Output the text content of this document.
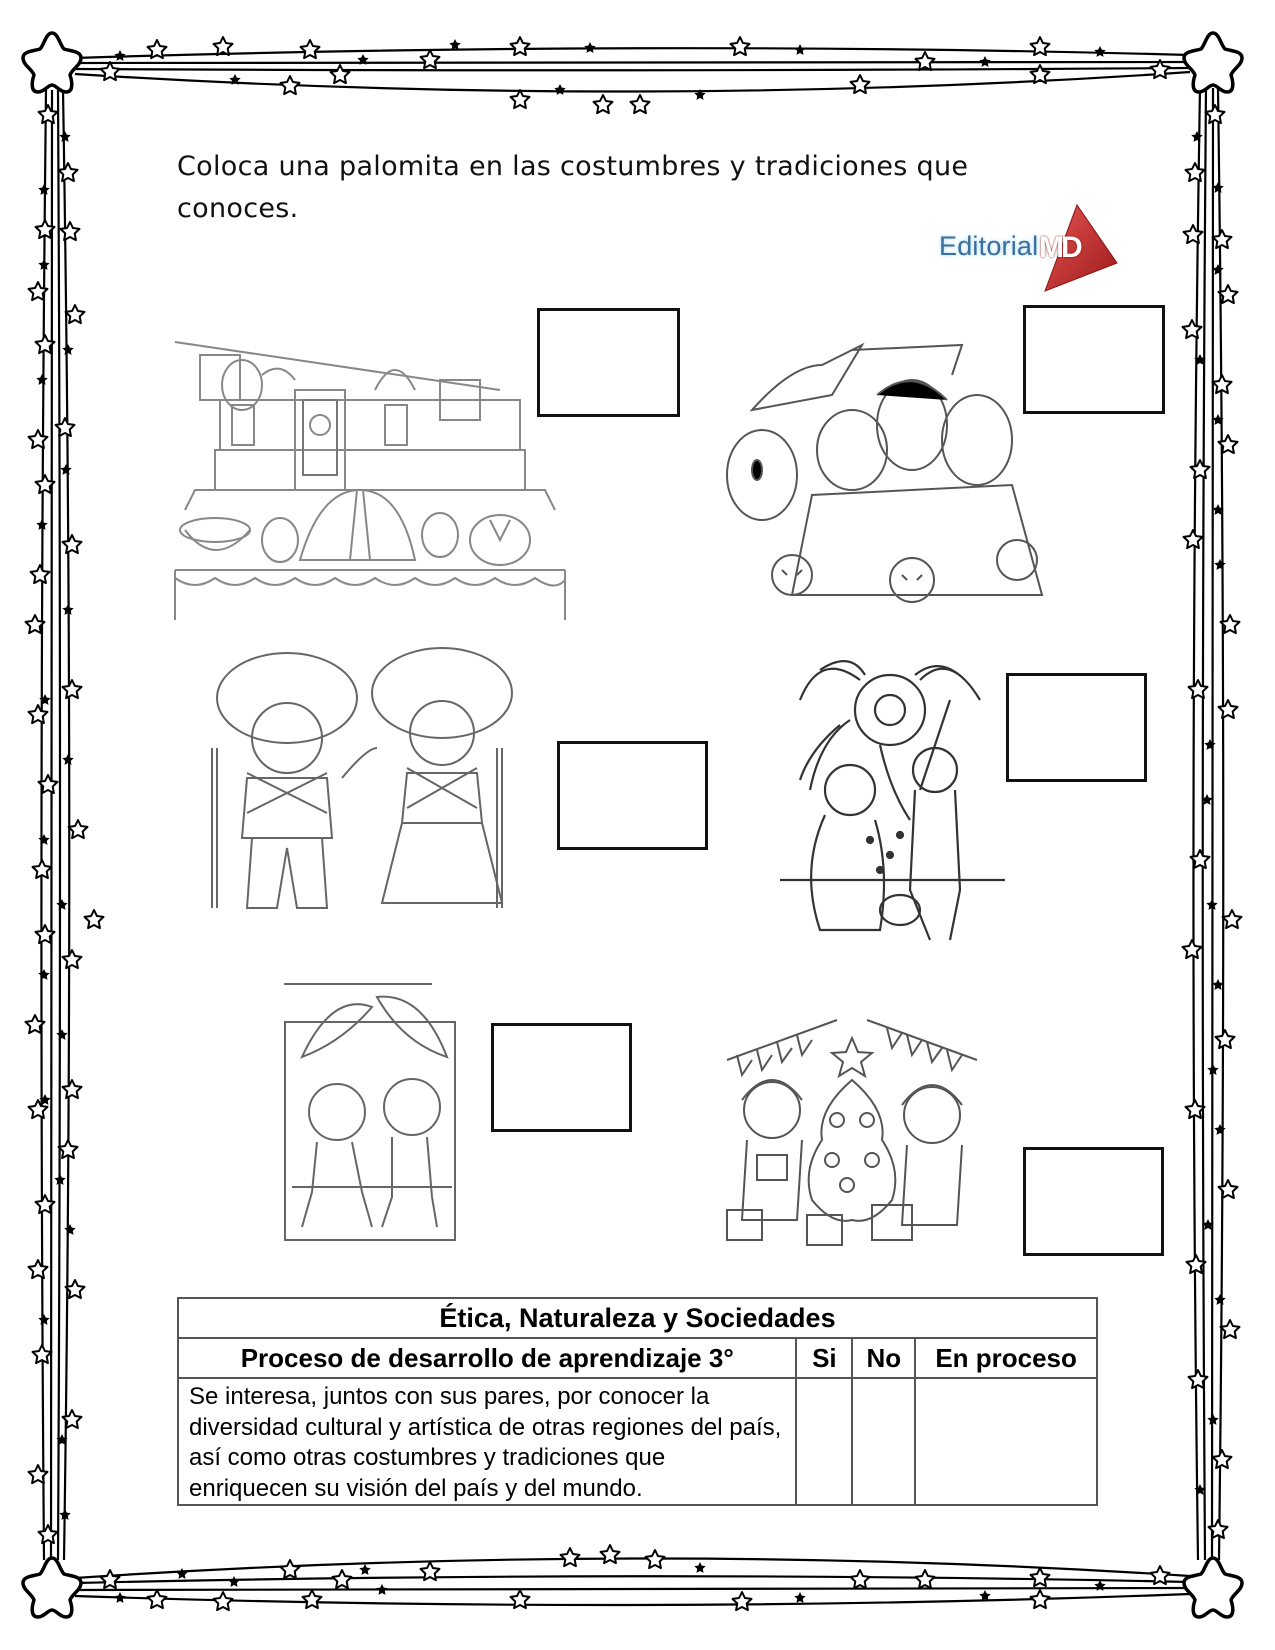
Coloca una palomita en las costumbres y tradiciones que conoces.
Editorial MD
Ética, Naturaleza y Sociedades			
Proceso de desarrollo de aprendizaje 3°	Si	No	En proceso
Se interesa, juntos con sus pares, por conocer la diversidad cultural y artística de otras regiones del país, así como otras costumbres y tradiciones que enriquecen su visión del país y del mundo.			
